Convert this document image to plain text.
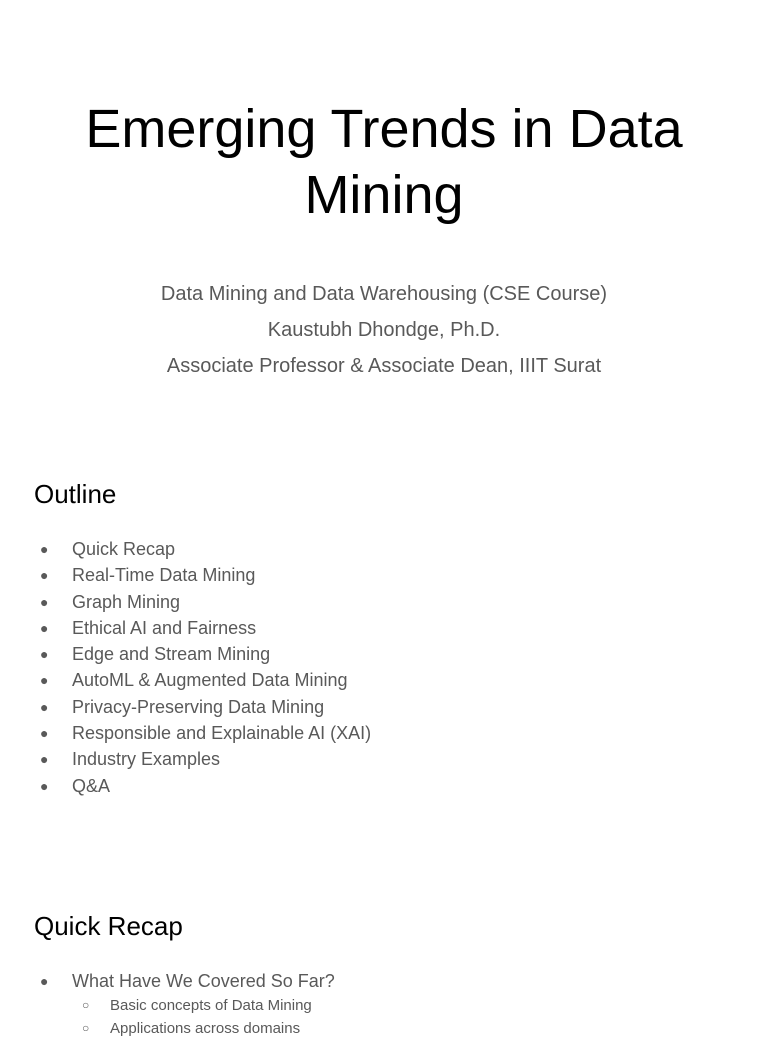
Emerging Trends in Data Mining
Data Mining and Data Warehousing (CSE Course)
Kaustubh Dhondge, Ph.D.
Associate Professor & Associate Dean, IIIT Surat
Outline
● Quick Recap
● Real-Time Data Mining
● Graph Mining
● Ethical AI and Fairness
● Edge and Stream Mining
● AutoML & Augmented Data Mining
● Privacy-Preserving Data Mining
● Responsible and Explainable AI (XAI)
● Industry Examples
● Q&A
Quick Recap
● What Have We Covered So Far?
○ Basic concepts of Data Mining
○ Applications across domains
